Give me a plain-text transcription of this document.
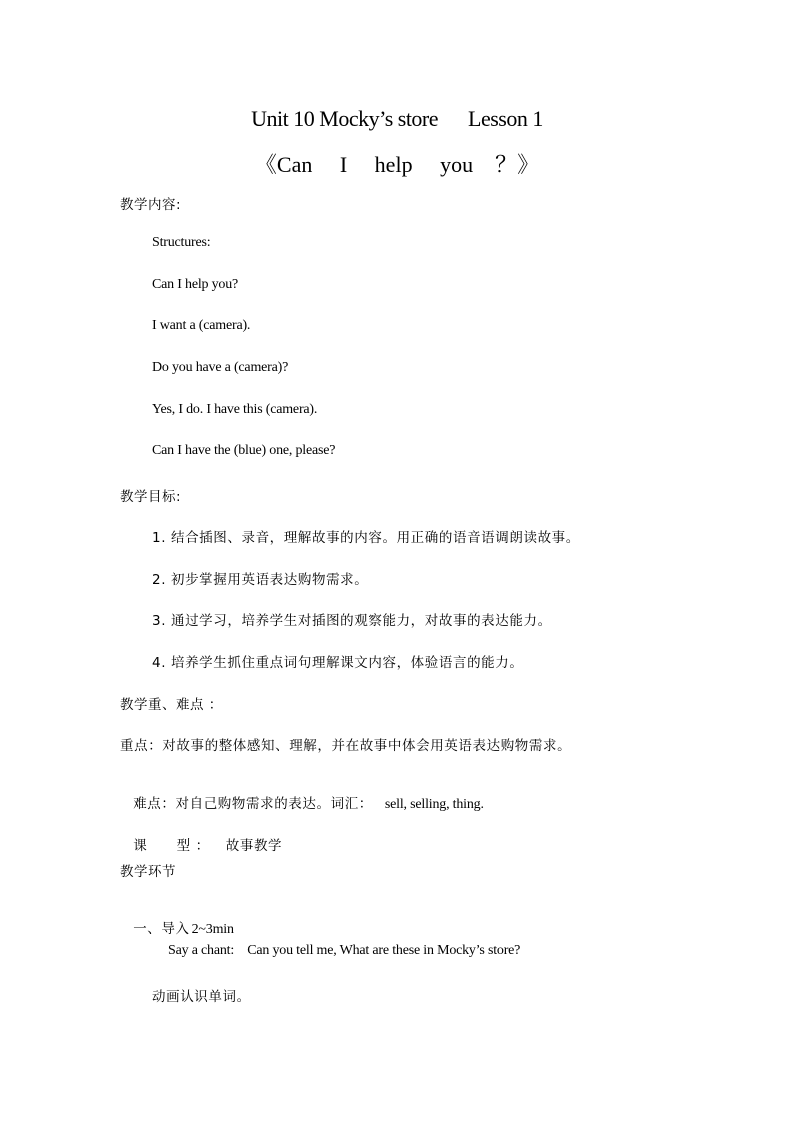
Unit 10 Mocky’s store      Lesson 1
《Can     I     help     you    ？》
教学内容:
Structures:
Can I help you?
I want a (camera).
Do you have a (camera)?
Yes, I do. I have this (camera).
Can I have the (blue) one, please?
教学目标:
1. 结合插图、录音，理解故事的内容。用正确的语音语调朗读故事。
2. 初步掌握用英语表达购物需求。
3. 通过学习，培养学生对插图的观察能力，对故事的表达能力。
4. 培养学生抓住重点词句理解课文内容，体验语言的能力。
教学重、难点 ：
重点：对故事的整体感知、理解，并在故事中体会用英语表达购物需求。

难点：对自己购物需求的表达。词汇： sell, selling, thing.

课      型 ： 故事教学

教学环节

一、导入 2~3min

Say a chant:    Can you tell me, What are these in Mocky’s store?
动画认识单词。
